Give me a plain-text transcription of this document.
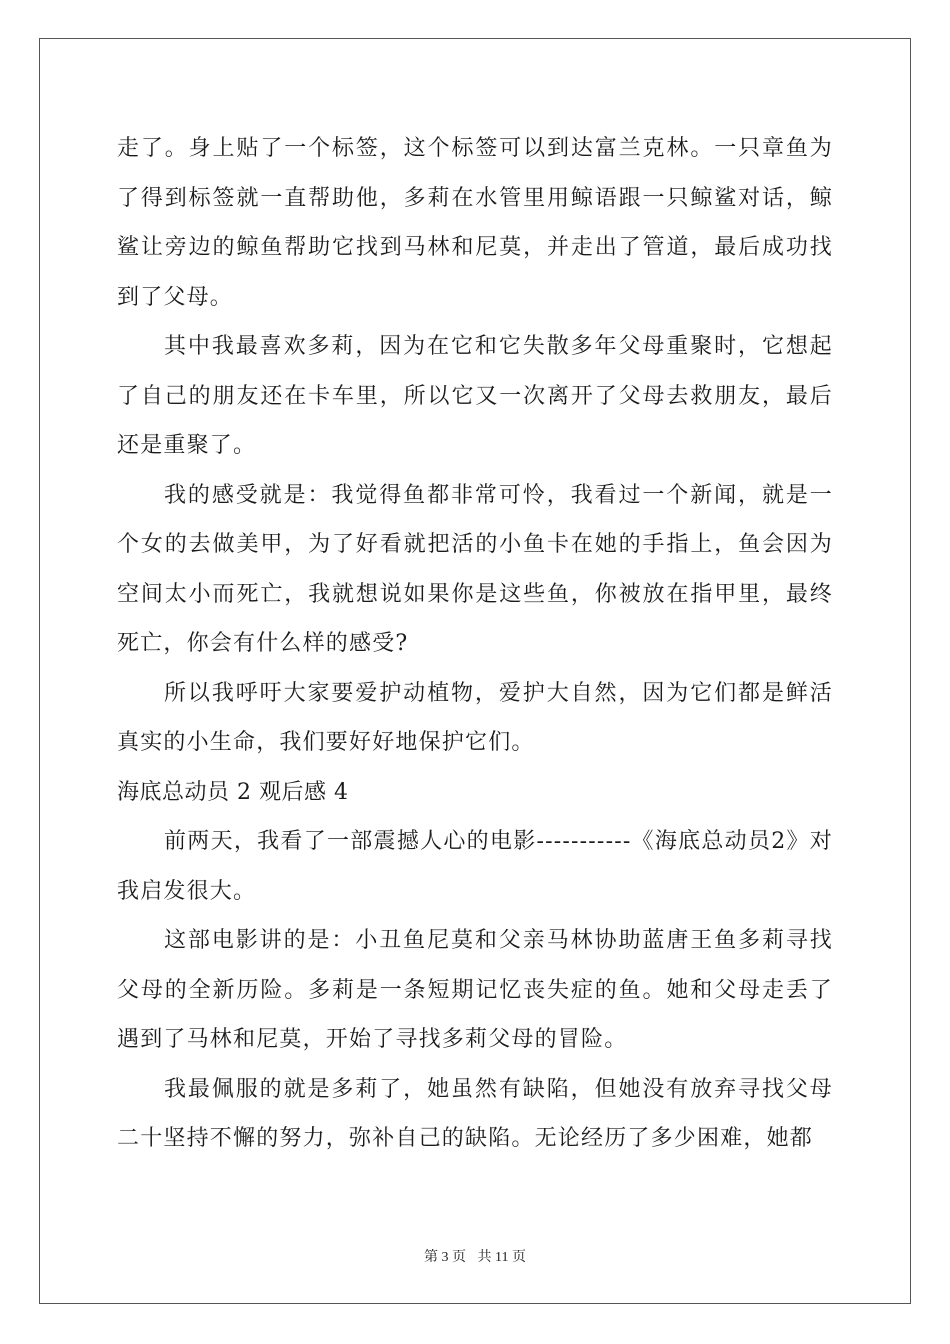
走了。身上贴了一个标签，这个标签可以到达富兰克林。一只章鱼为了得到标签就一直帮助他，多莉在水管里用鲸语跟一只鲸鲨对话，鲸鲨让旁边的鲸鱼帮助它找到马林和尼莫，并走出了管道，最后成功找到了父母。

其中我最喜欢多莉，因为在它和它失散多年父母重聚时，它想起了自己的朋友还在卡车里，所以它又一次离开了父母去救朋友，最后还是重聚了。

我的感受就是：我觉得鱼都非常可怜，我看过一个新闻，就是一个女的去做美甲，为了好看就把活的小鱼卡在她的手指上，鱼会因为空间太小而死亡，我就想说如果你是这些鱼，你被放在指甲里，最终死亡，你会有什么样的感受?

所以我呼吁大家要爱护动植物，爱护大自然，因为它们都是鲜活真实的小生命，我们要好好地保护它们。

海底总动员 2 观后感 4

前两天，我看了一部震撼人心的电影-----------《海底总动员2》对我启发很大。

这部电影讲的是：小丑鱼尼莫和父亲马林协助蓝唐王鱼多莉寻找父母的全新历险。多莉是一条短期记忆丧失症的鱼。她和父母走丢了遇到了马林和尼莫，开始了寻找多莉父母的冒险。

我最佩服的就是多莉了，她虽然有缺陷，但她没有放弃寻找父母二十坚持不懈的努力，弥补自己的缺陷。无论经历了多少困难，她都

第 3 页 共 11 页
